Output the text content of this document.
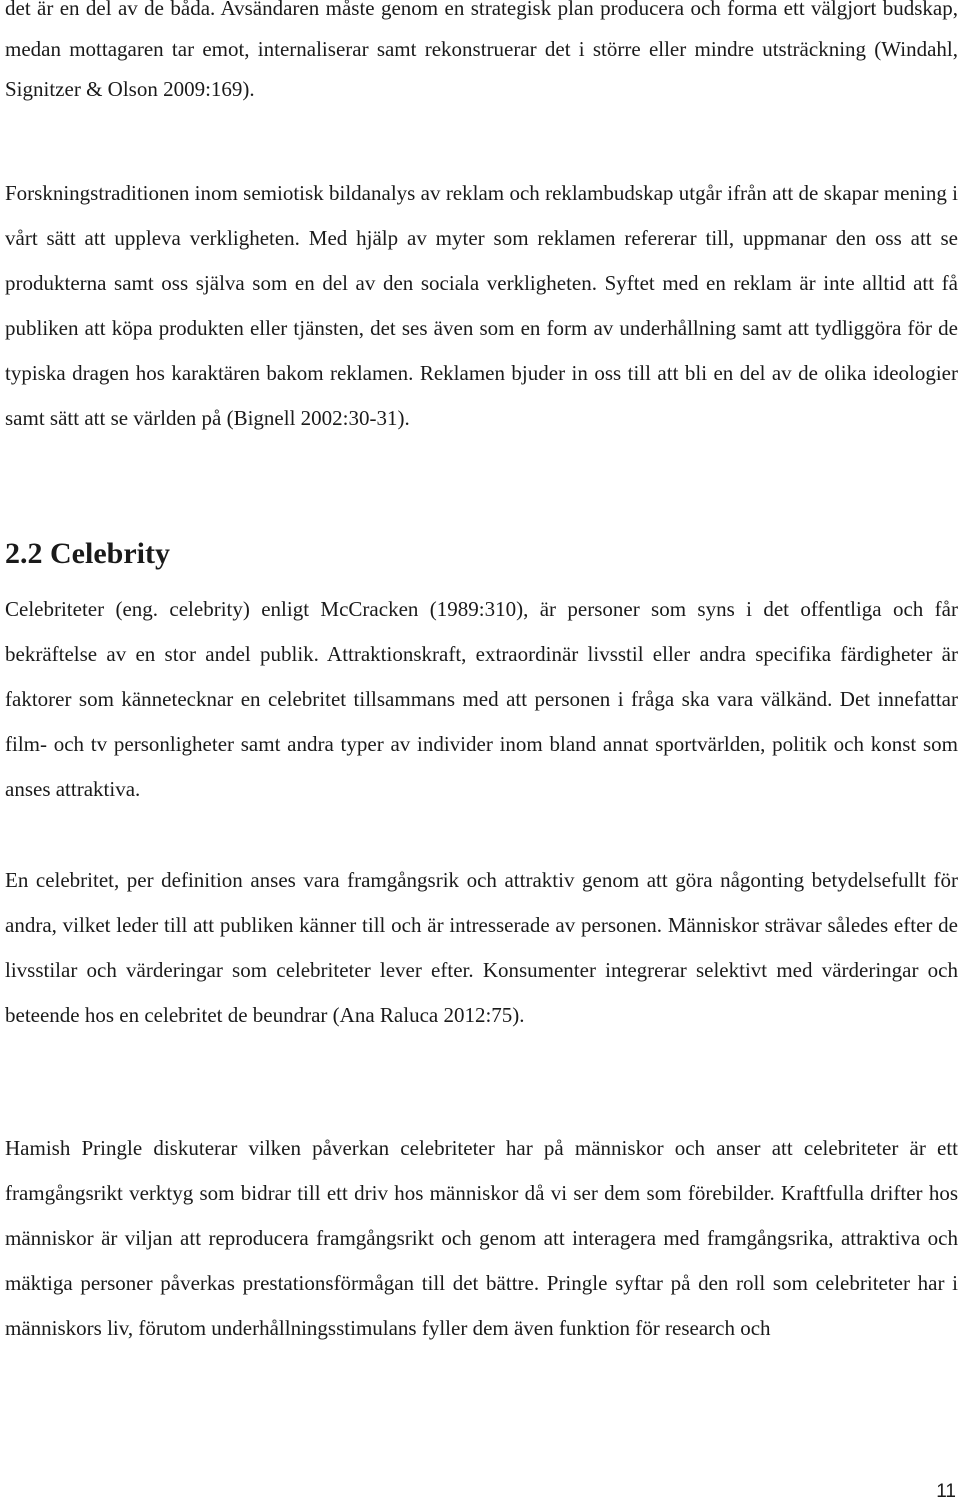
det är en del av de båda. Avsändaren måste genom en strategisk plan producera och forma ett välgjort budskap, medan mottagaren tar emot, internaliserar samt rekonstruerar det i större eller mindre utsträckning (Windahl, Signitzer & Olson 2009:169).

Forskningstraditionen inom semiotisk bildanalys av reklam och reklambudskap utgår ifrån att de skapar mening i vårt sätt att uppleva verkligheten. Med hjälp av myter som reklamen refererar till, uppmanar den oss att se produkterna samt oss själva som en del av den sociala verkligheten. Syftet med en reklam är inte alltid att få publiken att köpa produkten eller tjänsten, det ses även som en form av underhållning samt att tydliggöra för de typiska dragen hos karaktären bakom reklamen. Reklamen bjuder in oss till att bli en del av de olika ideologier samt sätt att se världen på (Bignell 2002:30-31).

2.2 Celebrity

Celebriteter (eng. celebrity) enligt McCracken (1989:310), är personer som syns i det offentliga och får bekräftelse av en stor andel publik. Attraktionskraft, extraordinär livsstil eller andra specifika färdigheter är faktorer som kännetecknar en celebritet tillsammans med att personen i fråga ska vara välkänd. Det innefattar film- och tv personligheter samt andra typer av individer inom bland annat sportvärlden, politik och konst som anses attraktiva.

En celebritet, per definition anses vara framgångsrik och attraktiv genom att göra någonting betydelsefullt för andra, vilket leder till att publiken känner till och är intresserade av personen. Människor strävar således efter de livsstilar och värderingar som celebriteter lever efter. Konsumenter integrerar selektivt med värderingar och beteende hos en celebritet de beundrar (Ana Raluca 2012:75).

Hamish Pringle diskuterar vilken påverkan celebriteter har på människor och anser att celebriteter är ett framgångsrikt verktyg som bidrar till ett driv hos människor då vi ser dem som förebilder. Kraftfulla drifter hos människor är viljan att reproducera framgångsrikt och genom att interagera med framgångsrika, attraktiva och mäktiga personer påverkas prestationsförmågan till det bättre. Pringle syftar på den roll som celebriteter har i människors liv, förutom underhållningsstimulans fyller dem även funktion för research och

11
